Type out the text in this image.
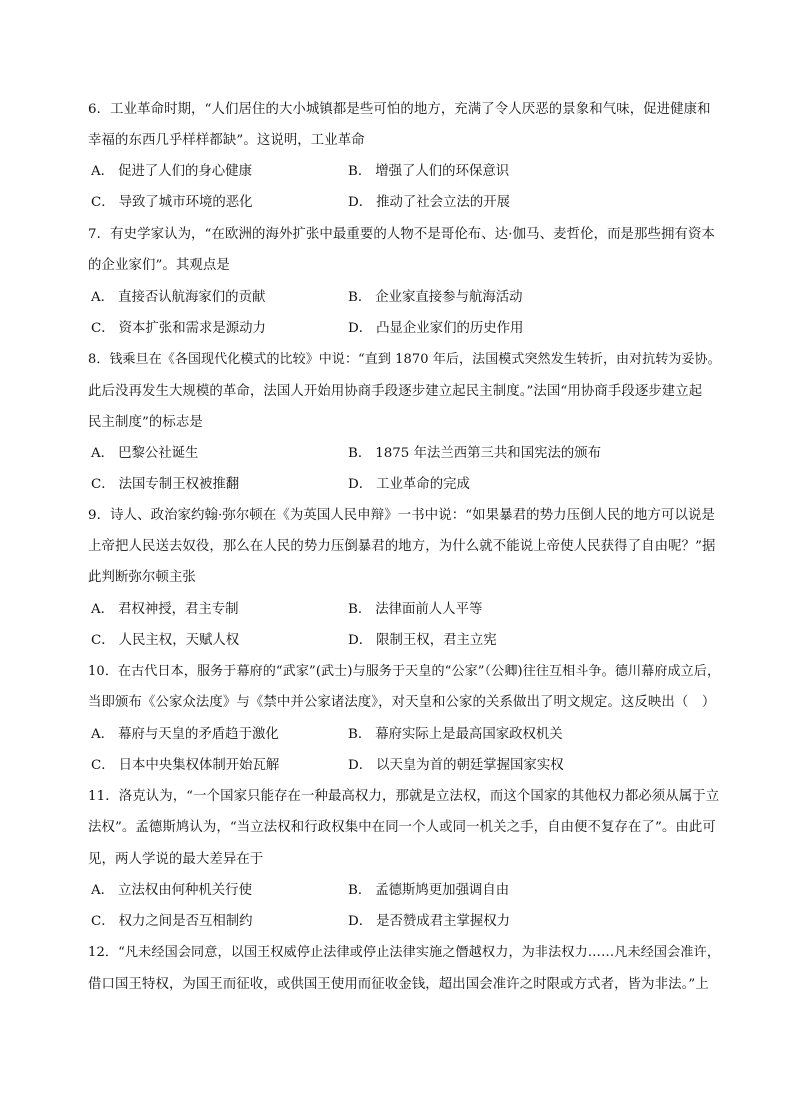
6．工业革命时期，“人们居住的大小城镇都是些可怕的地方，充满了令人厌恶的景象和气味，促进健康和
幸福的东西几乎样样都缺”。这说明，工业革命
A． 促进了人们的身心健康	B． 增强了人们的环保意识
C． 导致了城市环境的恶化	D． 推动了社会立法的开展
7．有史学家认为，“在欧洲的海外扩张中最重要的人物不是哥伦布、达·伽马、麦哲伦，而是那些拥有资本
的企业家们”。其观点是
A． 直接否认航海家们的贡献	B． 企业家直接参与航海活动
C． 资本扩张和需求是源动力	D． 凸显企业家们的历史作用
8．钱乘旦在《各国现代化模式的比较》中说：“直到 1870 年后，法国模式突然发生转折，由对抗转为妥协。
此后没再发生大规模的革命，法国人开始用协商手段逐步建立起民主制度。”法国“用协商手段逐步建立起
民主制度”的标志是
A． 巴黎公社诞生	B． 1875 年法兰西第三共和国宪法的颁布
C． 法国专制王权被推翻	D． 工业革命的完成
9．诗人、政治家约翰·弥尔顿在《为英国人民申辩》一书中说：“如果暴君的势力压倒人民的地方可以说是
上帝把人民送去奴役，那么在人民的势力压倒暴君的地方，为什么就不能说上帝使人民获得了自由呢？”据
此判断弥尔顿主张
A． 君权神授，君主专制	B． 法律面前人人平等
C． 人民主权，天赋人权	D． 限制王权，君主立宪
10．在古代日本，服务于幕府的“武家”(武士)与服务于天皇的“公家”（公卿)往往互相斗争。德川幕府成立后，
当即颁布《公家众法度》与《禁中并公家诸法度》，对天皇和公家的关系做出了明文规定。这反映出（　）
A． 幕府与天皇的矛盾趋于激化	B． 幕府实际上是最高国家政权机关
C． 日本中央集权体制开始瓦解	D． 以天皇为首的朝廷掌握国家实权
11．洛克认为，“一个国家只能存在一种最高权力，那就是立法权，而这个国家的其他权力都必须从属于立
法权”。孟德斯鸠认为，“当立法权和行政权集中在同一个人或同一机关之手，自由便不复存在了”。由此可
见，两人学说的最大差异在于
A． 立法权由何种机关行使	B． 孟德斯鸠更加强调自由
C． 权力之间是否互相制约	D． 是否赞成君主掌握权力
12．“凡未经国会同意，以国王权威停止法律或停止法律实施之僭越权力，为非法权力……凡未经国会准许，
借口国王特权，为国王而征收，或供国王使用而征收金钱，超出国会准许之时限或方式者，皆为非法。”上
